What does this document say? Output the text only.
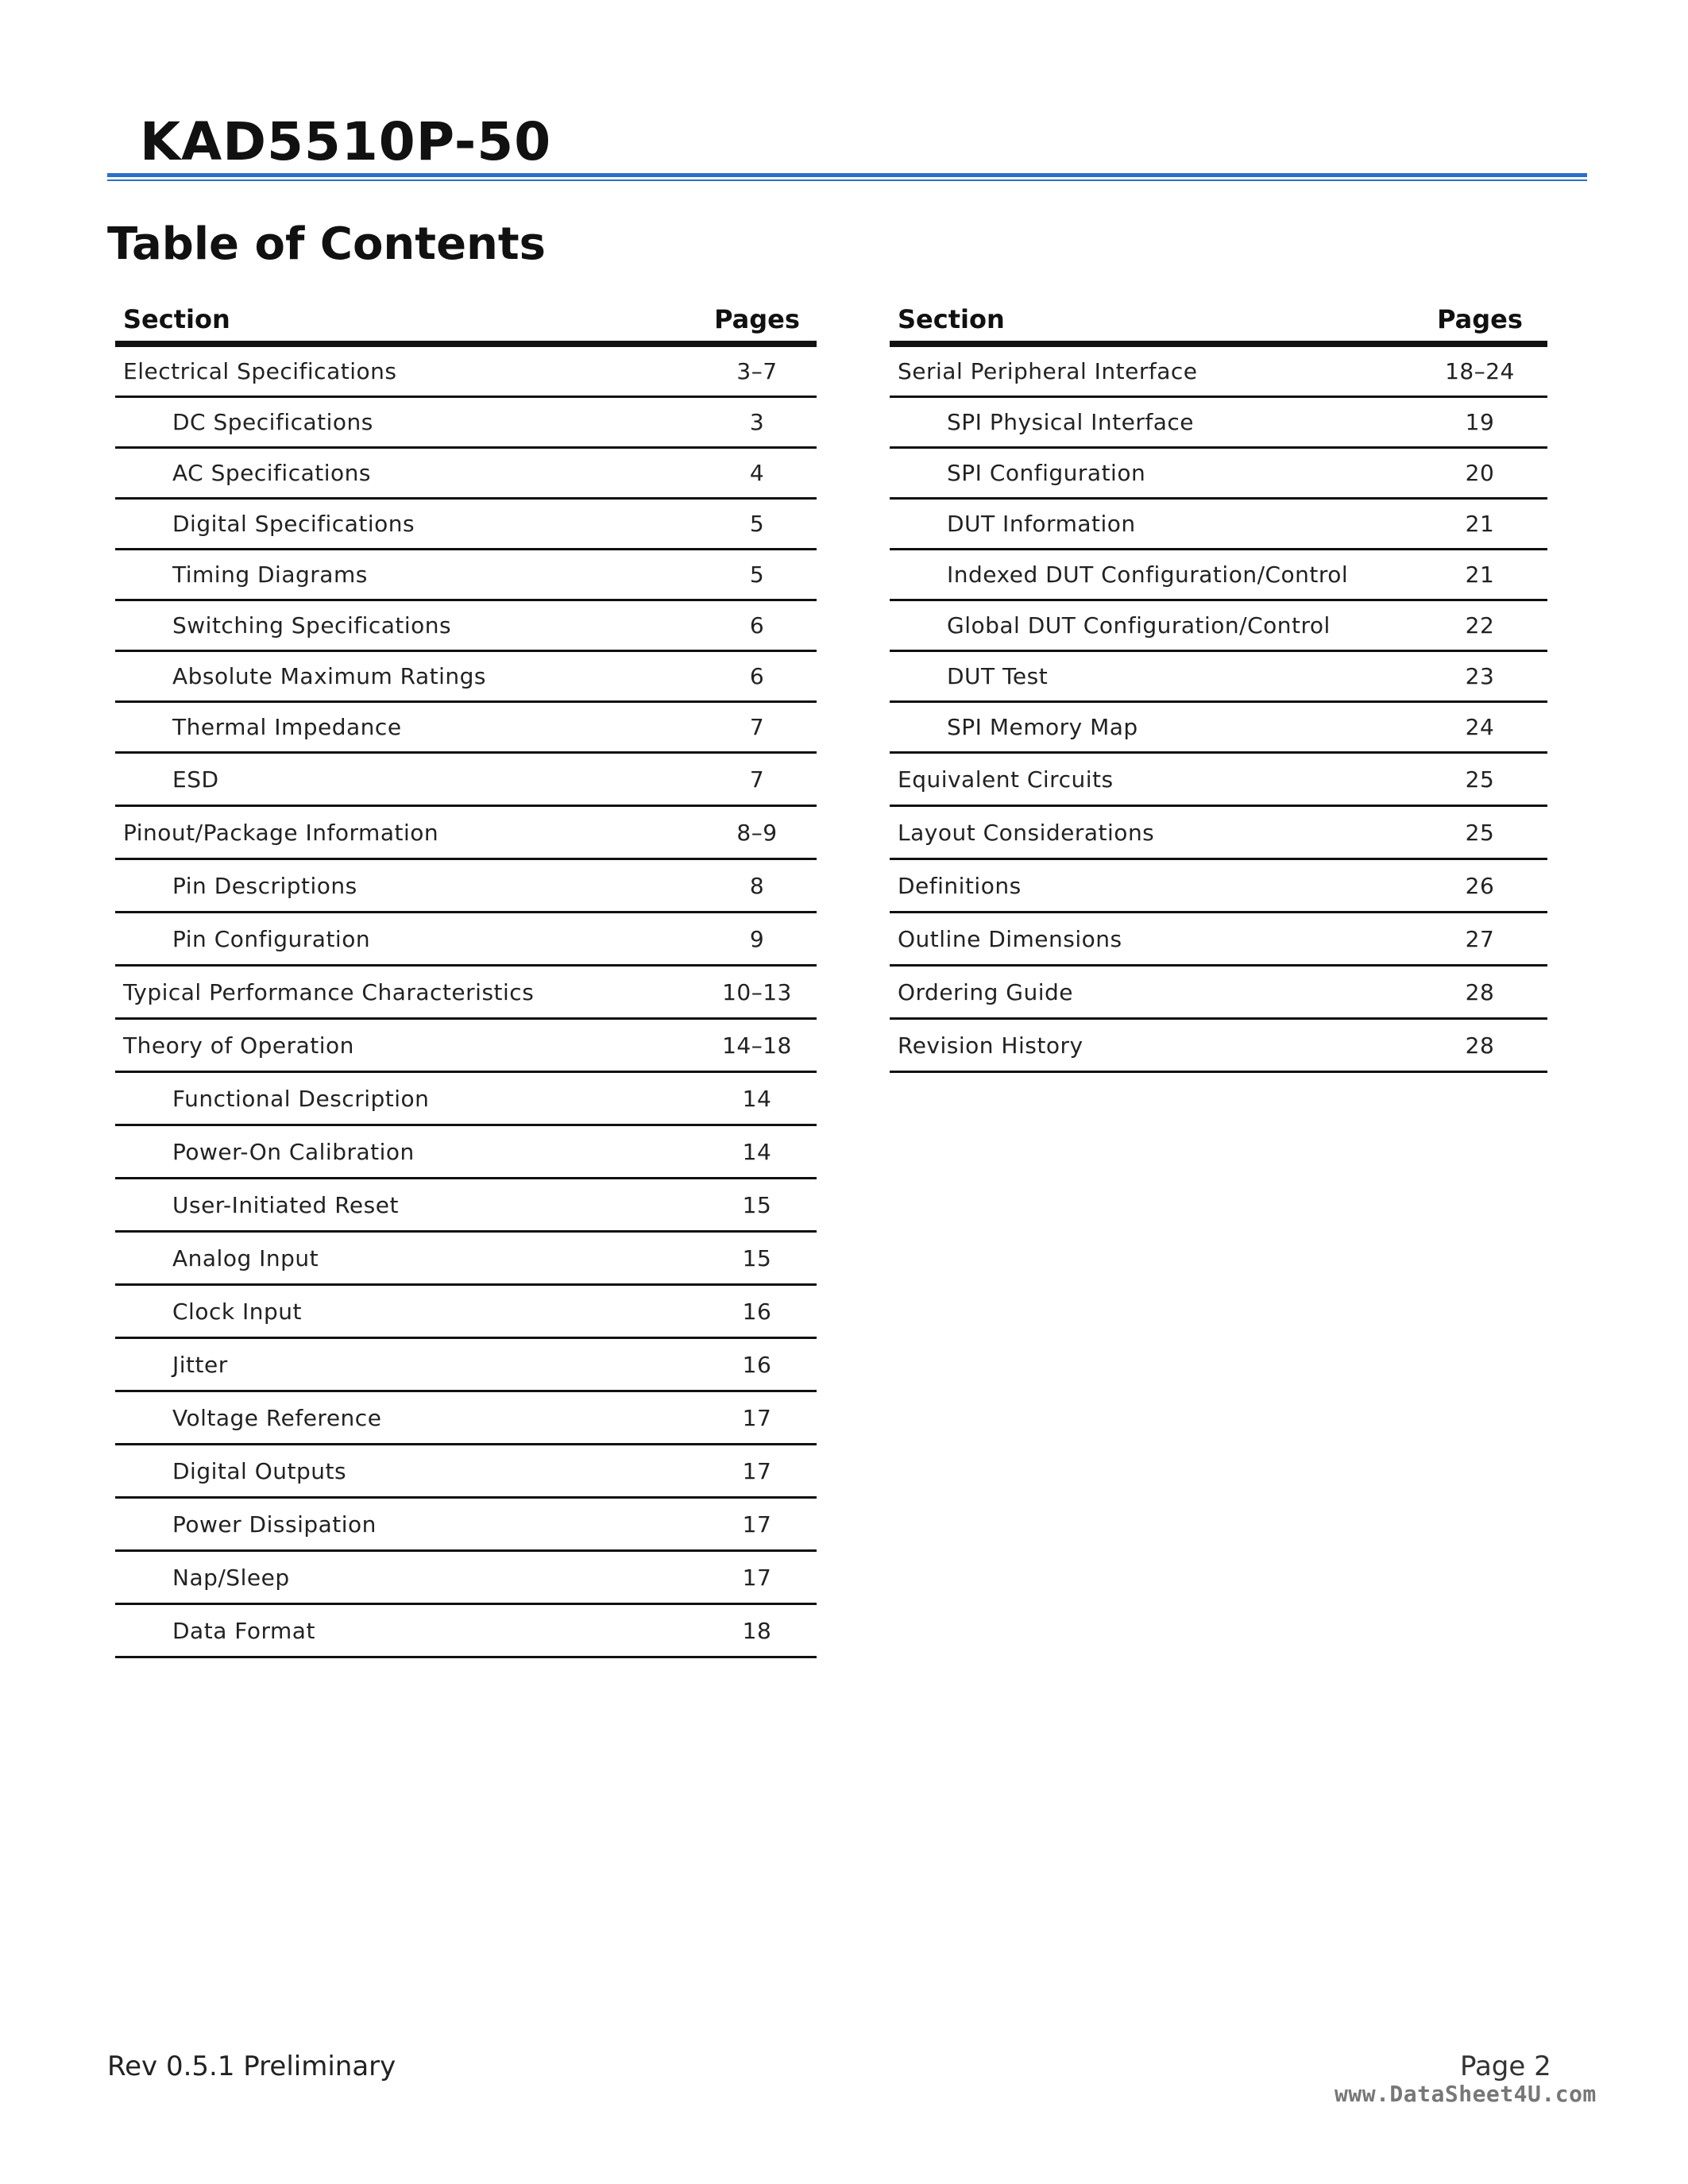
KAD5510P-50
Table of Contents
Section	Pages
Electrical Specifications	3–7
DC Specifications	3
AC Specifications	4
Digital Specifications	5
Timing Diagrams	5
Switching Specifications	6
Absolute Maximum Ratings	6
Thermal Impedance	7
ESD	7
Pinout/Package Information	8–9
Pin Descriptions	8
Pin Configuration	9
Typical Performance Characteristics	10–13
Theory of Operation	14–18
Functional Description	14
Power-On Calibration	14
User-Initiated Reset	15
Analog Input	15
Clock Input	16
Jitter	16
Voltage Reference	17
Digital Outputs	17
Power Dissipation	17
Nap/Sleep	17
Data Format	18
Section	Pages
Serial Peripheral Interface	18–24
SPI Physical Interface	19
SPI Configuration	20
DUT Information	21
Indexed DUT Configuration/Control	21
Global DUT Configuration/Control	22
DUT Test	23
SPI Memory Map	24
Equivalent Circuits	25
Layout Considerations	25
Definitions	26
Outline Dimensions	27
Ordering Guide	28
Revision History	28
Rev 0.5.1 Preliminary	Page 2
www.DataSheet4U.com
